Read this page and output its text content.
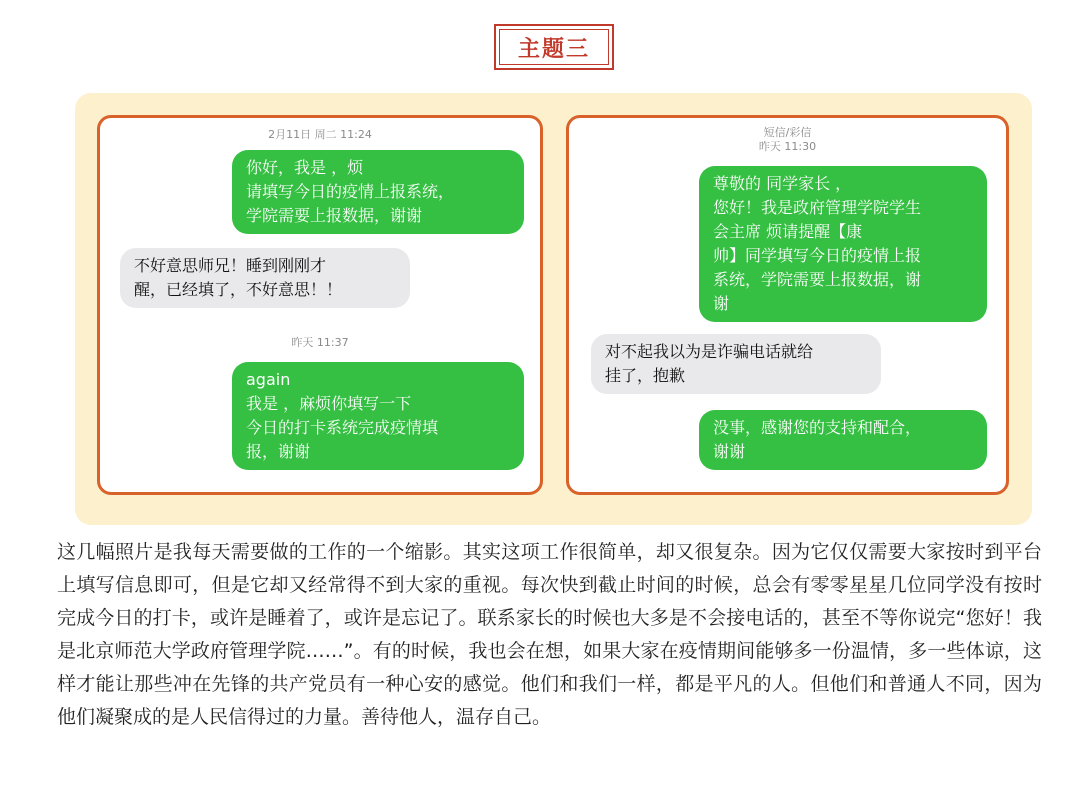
主题三
2月11日 周二 11:24
你好，我是 ，烦
请填写今日的疫情上报系统，
学院需要上报数据，谢谢
不好意思师兄！睡到刚刚才
醒，已经填了，不好意思！！
昨天 11:37
again
我是 ，麻烦你填写一下
今日的打卡系统完成疫情填
报，谢谢
短信/彩信
昨天 11:30
尊敬的 同学家长 ，
您好！我是政府管理学院学生
会主席 烦请提醒【康
帅】同学填写今日的疫情上报
系统，学院需要上报数据，谢
谢
对不起我以为是诈骗电话就给
挂了，抱歉
没事，感谢您的支持和配合，
谢谢

这几幅照片是我每天需要做的工作的一个缩影。其实这项工作很简单，却又很复杂。因为它仅仅需要大家按时到平台上填写信息即可，但是它却又经常得不到大家的重视。每次快到截止时间的时候，总会有零零星星几位同学没有按时完成今日的打卡，或许是睡着了，或许是忘记了。联系家长的时候也大多是不会接电话的，甚至不等你说完“您好！我是北京师范大学政府管理学院……”。有的时候，我也会在想，如果大家在疫情期间能够多一份温情，多一些体谅，这样才能让那些冲在先锋的共产党员有一种心安的感觉。他们和我们一样，都是平凡的人。但他们和普通人不同，因为他们凝聚成的是人民信得过的力量。善待他人，温存自己。
